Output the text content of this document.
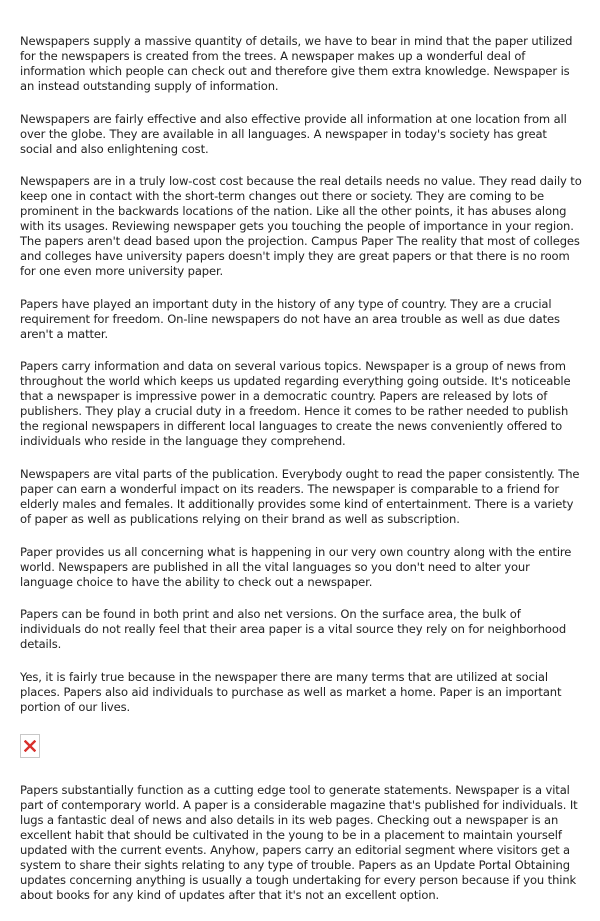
Newspapers supply a massive quantity of details, we have to bear in mind that the paper utilized for the newspapers is created from the trees. A newspaper makes up a wonderful deal of information which people can check out and therefore give them extra knowledge. Newspaper is an instead outstanding supply of information.

Newspapers are fairly effective and also effective provide all information at one location from all over the globe. They are available in all languages. A newspaper in today's society has great social and also enlightening cost.

Newspapers are in a truly low-cost cost because the real details needs no value. They read daily to keep one in contact with the short-term changes out there or society. They are coming to be prominent in the backwards locations of the nation. Like all the other points, it has abuses along with its usages. Reviewing newspaper gets you touching the people of importance in your region. The papers aren't dead based upon the projection. Campus Paper The reality that most of colleges and colleges have university papers doesn't imply they are great papers or that there is no room for one even more university paper.

Papers have played an important duty in the history of any type of country. They are a crucial requirement for freedom. On-line newspapers do not have an area trouble as well as due dates aren't a matter.

Papers carry information and data on several various topics. Newspaper is a group of news from throughout the world which keeps us updated regarding everything going outside. It's noticeable that a newspaper is impressive power in a democratic country. Papers are released by lots of publishers. They play a crucial duty in a freedom. Hence it comes to be rather needed to publish the regional newspapers in different local languages to create the news conveniently offered to individuals who reside in the language they comprehend.

Newspapers are vital parts of the publication. Everybody ought to read the paper consistently. The paper can earn a wonderful impact on its readers. The newspaper is comparable to a friend for elderly males and females. It additionally provides some kind of entertainment. There is a variety of paper as well as publications relying on their brand as well as subscription.

Paper provides us all concerning what is happening in our very own country along with the entire world. Newspapers are published in all the vital languages so you don't need to alter your language choice to have the ability to check out a newspaper.

Papers can be found in both print and also net versions. On the surface area, the bulk of individuals do not really feel that their area paper is a vital source they rely on for neighborhood details.

Yes, it is fairly true because in the newspaper there are many terms that are utilized at social places. Papers also aid individuals to purchase as well as market a home. Paper is an important portion of our lives.

Papers substantially function as a cutting edge tool to generate statements. Newspaper is a vital part of contemporary world. A paper is a considerable magazine that's published for individuals. It lugs a fantastic deal of news and also details in its web pages. Checking out a newspaper is an excellent habit that should be cultivated in the young to be in a placement to maintain yourself updated with the current events. Anyhow, papers carry an editorial segment where visitors get a system to share their sights relating to any type of trouble. Papers as an Update Portal Obtaining updates concerning anything is usually a tough undertaking for every person because if you think about books for any kind of updates after that it's not an excellent option.
